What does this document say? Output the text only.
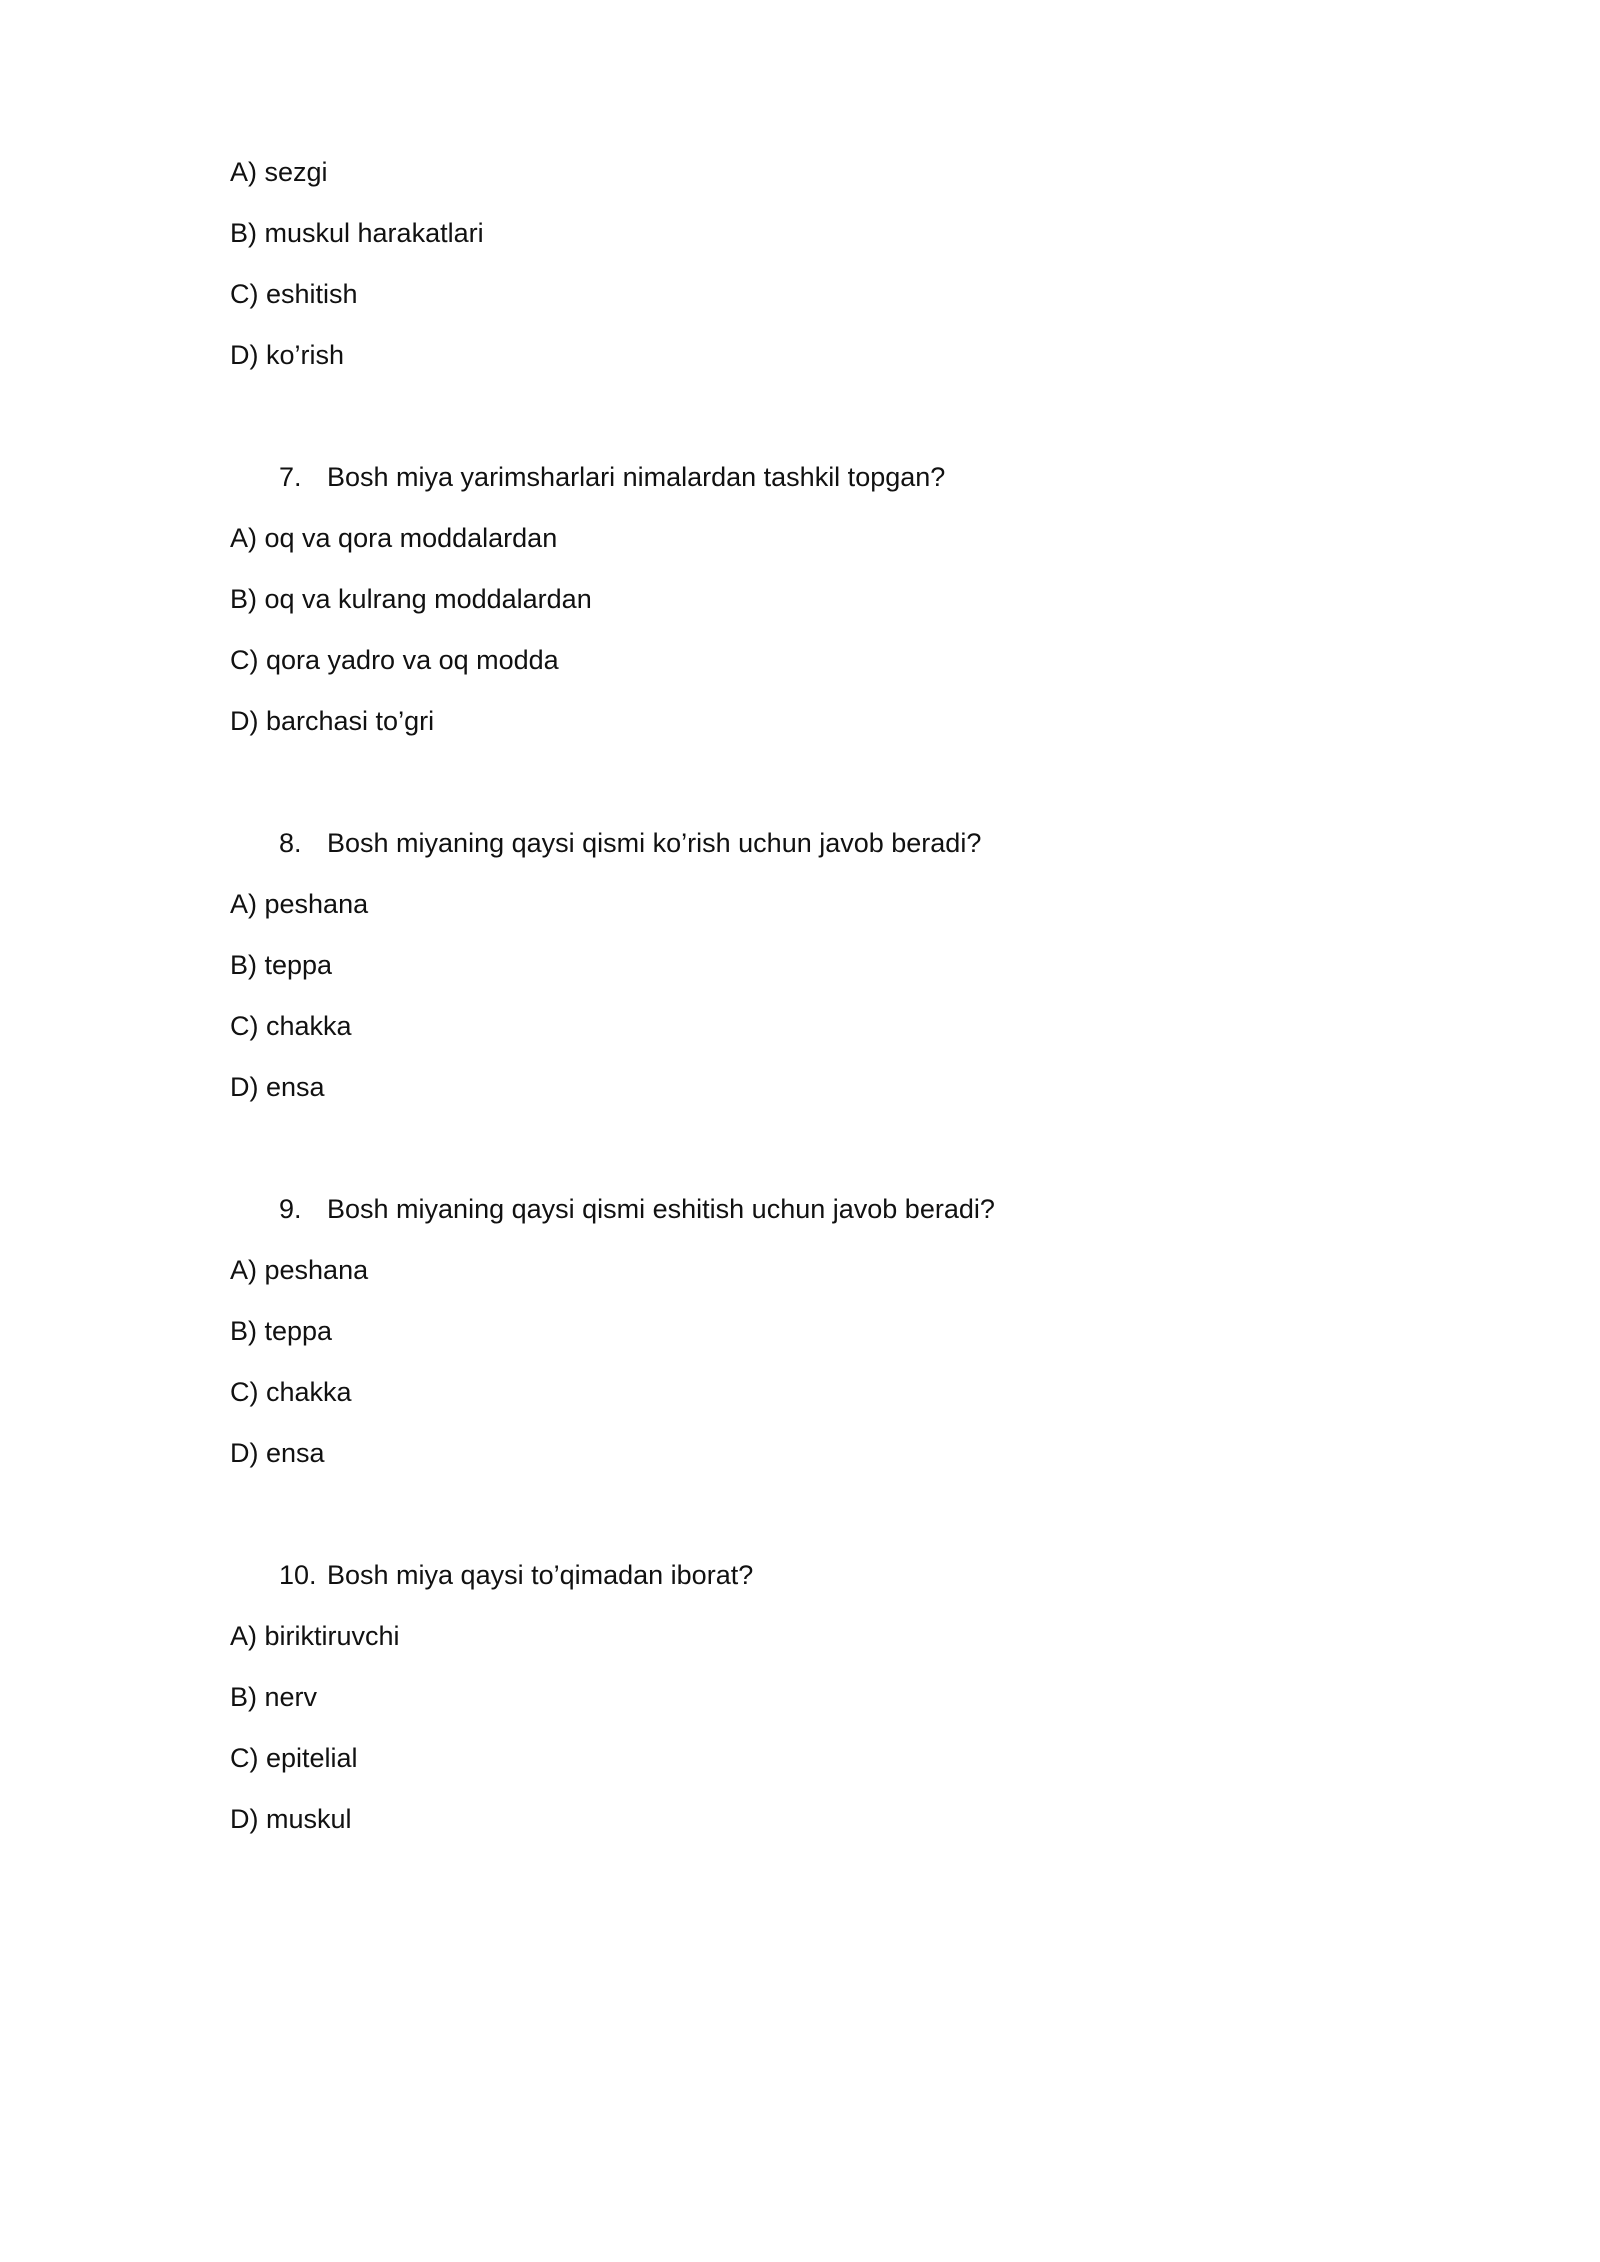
A) sezgi
B) muskul harakatlari
C) eshitish
D) ko’rish
7. Bosh miya yarimsharlari nimalardan tashkil topgan?
A) oq va qora moddalardan
B) oq va kulrang moddalardan
C) qora yadro va oq modda
D) barchasi to’gri
8. Bosh miyaning qaysi qismi ko’rish uchun javob beradi?
A) peshana
B) teppa
C) chakka
D) ensa
9. Bosh miyaning qaysi qismi eshitish uchun javob beradi?
A) peshana
B) teppa
C) chakka
D) ensa
10. Bosh miya qaysi to’qimadan iborat?
A) biriktiruvchi
B) nerv
C) epitelial
D) muskul
